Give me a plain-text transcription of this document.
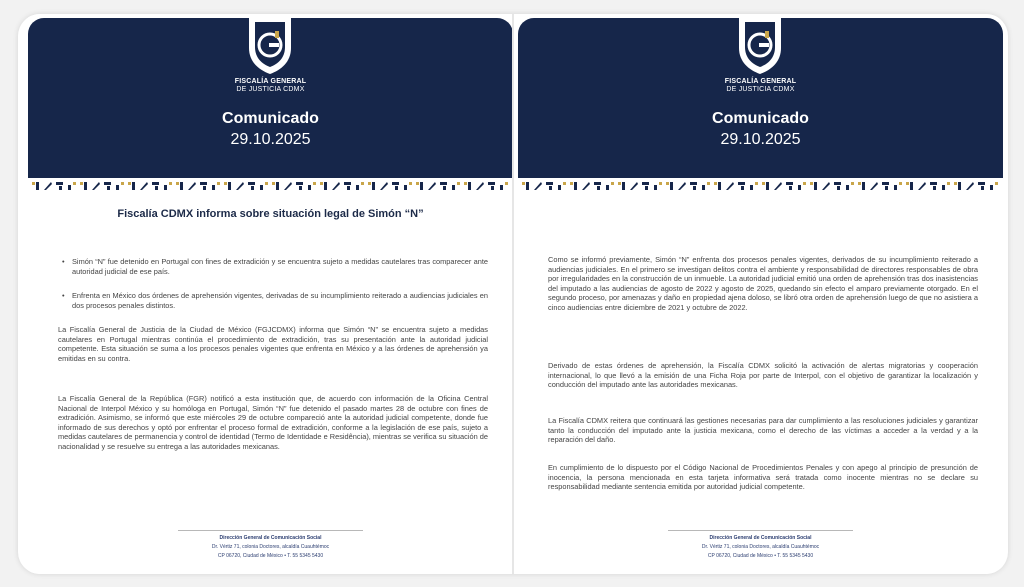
FISCALÍA GENERAL
DE JUSTICIA CDMX
Comunicado
29.10.2025
Fiscalía CDMX informa sobre situación legal de Simón “N”
• Simón “N” fue detenido en Portugal con fines de extradición y se encuentra sujeto a medidas cautelares tras comparecer ante autoridad judicial de ese país.
• Enfrenta en México dos órdenes de aprehensión vigentes, derivadas de su incumplimiento reiterado a audiencias judiciales en dos procesos penales distintos.
La Fiscalía General de Justicia de la Ciudad de México (FGJCDMX) informa que Simón “N” se encuentra sujeto a medidas cautelares en Portugal mientras continúa el procedimiento de extradición, tras su presentación ante la autoridad judicial competente. Esta situación se suma a los procesos penales vigentes que enfrenta en México y a las órdenes de aprehensión ya emitidas en su contra.
La Fiscalía General de la República (FGR) notificó a esta institución que, de acuerdo con información de la Oficina Central Nacional de Interpol México y su homóloga en Portugal, Simón “N” fue detenido el pasado martes 28 de octubre con fines de extradición. Asimismo, se informó que este miércoles 29 de octubre compareció ante la autoridad judicial competente, donde fue informado de sus derechos y optó por enfrentar el proceso formal de extradición, conforme a la legislación de ese país, sujeto a medidas cautelares de permanencia y control de identidad (Termo de Identidade e Residência), mientras se verifica su situación de nacionalidad y se resuelve su entrega a las autoridades mexicanas.
Dirección General de Comunicación Social
Dr. Vértiz 71, colonia Doctores, alcaldía Cuauhtémoc
CP 06720, Ciudad de México • T. 55 5345 5430
FISCALÍA GENERAL
DE JUSTICIA CDMX
Comunicado
29.10.2025
Como se informó previamente, Simón “N” enfrenta dos procesos penales vigentes, derivados de su incumplimiento reiterado a audiencias judiciales. En el primero se investigan delitos contra el ambiente y responsabilidad de directores responsables de obra por irregularidades en la construcción de un inmueble. La autoridad judicial emitió una orden de aprehensión tras dos inasistencias del imputado a las audiencias de agosto de 2022 y agosto de 2025, quedando sin efecto el amparo previamente otorgado. En el segundo proceso, por amenazas y daño en propiedad ajena doloso, se libró otra orden de aprehensión luego de que no asistiera a cinco audiencias entre diciembre de 2021 y octubre de 2022.
Derivado de estas órdenes de aprehensión, la Fiscalía CDMX solicitó la activación de alertas migratorias y cooperación internacional, lo que llevó a la emisión de una Ficha Roja por parte de Interpol, con el objetivo de garantizar la localización y conducción del imputado ante las autoridades mexicanas.
La Fiscalía CDMX reitera que continuará las gestiones necesarias para dar cumplimiento a las resoluciones judiciales y garantizar tanto la conducción del imputado ante la justicia mexicana, como el derecho de las víctimas a acceder a la verdad y a la reparación del daño.
En cumplimiento de lo dispuesto por el Código Nacional de Procedimientos Penales y con apego al principio de presunción de inocencia, la persona mencionada en esta tarjeta informativa será tratada como inocente mientras no se declare su responsabilidad mediante sentencia emitida por autoridad judicial competente.
Dirección General de Comunicación Social
Dr. Vértiz 71, colonia Doctores, alcaldía Cuauhtémoc
CP 06720, Ciudad de México • T. 55 5345 5430
